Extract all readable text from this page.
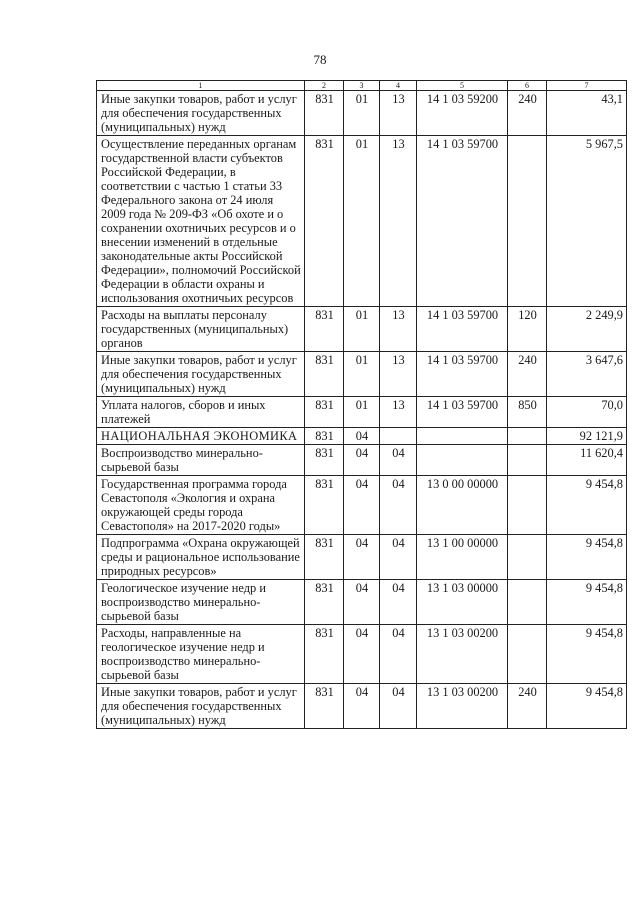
78
1	2	3	4	5	6	7
Иные закупки товаров, работ и услуг для обеспечения государственных (муниципальных) нужд	831	01	13	14 1 03 59200	240	43,1
Осуществление переданных органам государственной власти субъектов Российской Федерации, в соответствии с частью 1 статьи 33 Федерального закона от 24 июля 2009 года № 209-ФЗ «Об охоте и о сохранении охотничьих ресурсов и о внесении изменений в отдельные законодательные акты Российской Федерации», полномочий Российской Федерации в области охраны и использования охотничьих ресурсов	831	01	13	14 1 03 59700		5 967,5
Расходы на выплаты персоналу государственных (муниципальных) органов	831	01	13	14 1 03 59700	120	2 249,9
Иные закупки товаров, работ и услуг для обеспечения государственных (муниципальных) нужд	831	01	13	14 1 03 59700	240	3 647,6
Уплата налогов, сборов и иных платежей	831	01	13	14 1 03 59700	850	70,0
НАЦИОНАЛЬНАЯ ЭКОНОМИКА	831	04				92 121,9
Воспроизводство минерально-сырьевой базы	831	04	04			11 620,4
Государственная программа города Севастополя «Экология и охрана окружающей среды города Севастополя» на 2017-2020 годы»	831	04	04	13 0 00 00000		9 454,8
Подпрограмма «Охрана окружающей среды и рациональное использование природных ресурсов»	831	04	04	13 1 00 00000		9 454,8
Геологическое изучение недр и воспроизводство минерально-сырьевой базы	831	04	04	13 1 03 00000		9 454,8
Расходы, направленные на геологическое изучение недр и воспроизводство минерально-сырьевой базы	831	04	04	13 1 03 00200		9 454,8
Иные закупки товаров, работ и услуг для обеспечения государственных (муниципальных) нужд	831	04	04	13 1 03 00200	240	9 454,8
